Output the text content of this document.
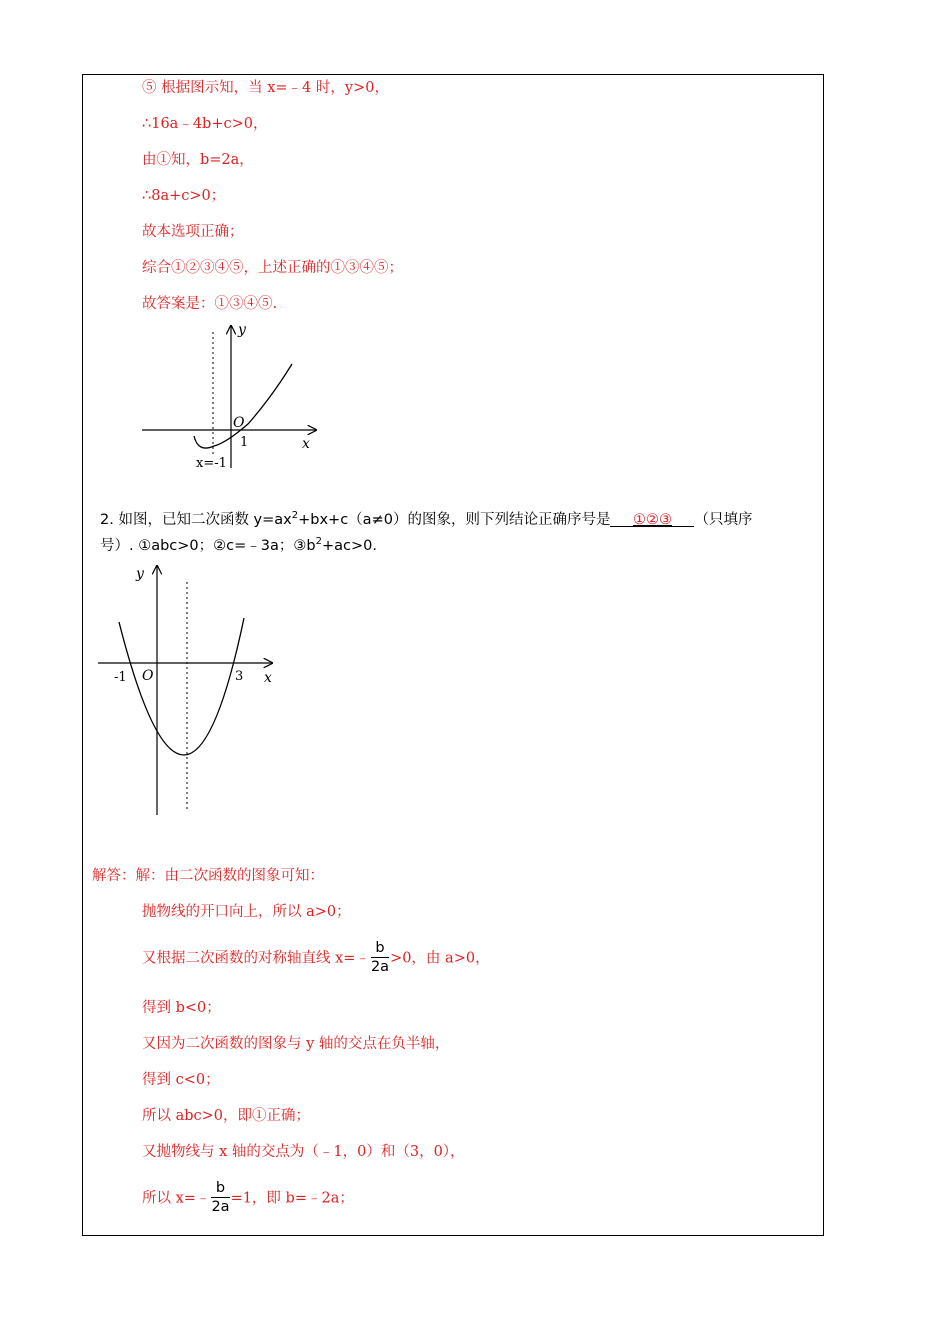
⑤ 根据图示知，当 x=﹣4 时，y>0，
∴16a﹣4b+c>0，
由①知，b=2a，
∴8a+c>0；
故本选项正确；
综合①②③④⑤，上述正确的①③④⑤；
故答案是：①③④⑤.
y
x
O
1
x=-1
2. 如图，已知二次函数 $y=ax^2+bx+c(a\ne 0)$的图象，则下列结论正确序号是 ①②③ （只填序
号）. ①abc>0；②c=﹣3a；$③b^2+ac>0$.
y
x
O
-1	3
解答：解：由二次函数的图象可知：
抛物线的开口向上，所以 a>0；
又根据二次函数的对称轴直线 x=﹣ $\frac{b}{2a} >0$，由 a>0，
得到 b<0；
又因为二次函数的图象与 y 轴的交点在负半轴，
得到 c<0；
所以 abc>0，即①正确；
又抛物线与 x 轴的交点为（﹣1，0）和（3，0），
所以 x=﹣ $\frac{b}{2a} =1$，即 b=﹣2a；
